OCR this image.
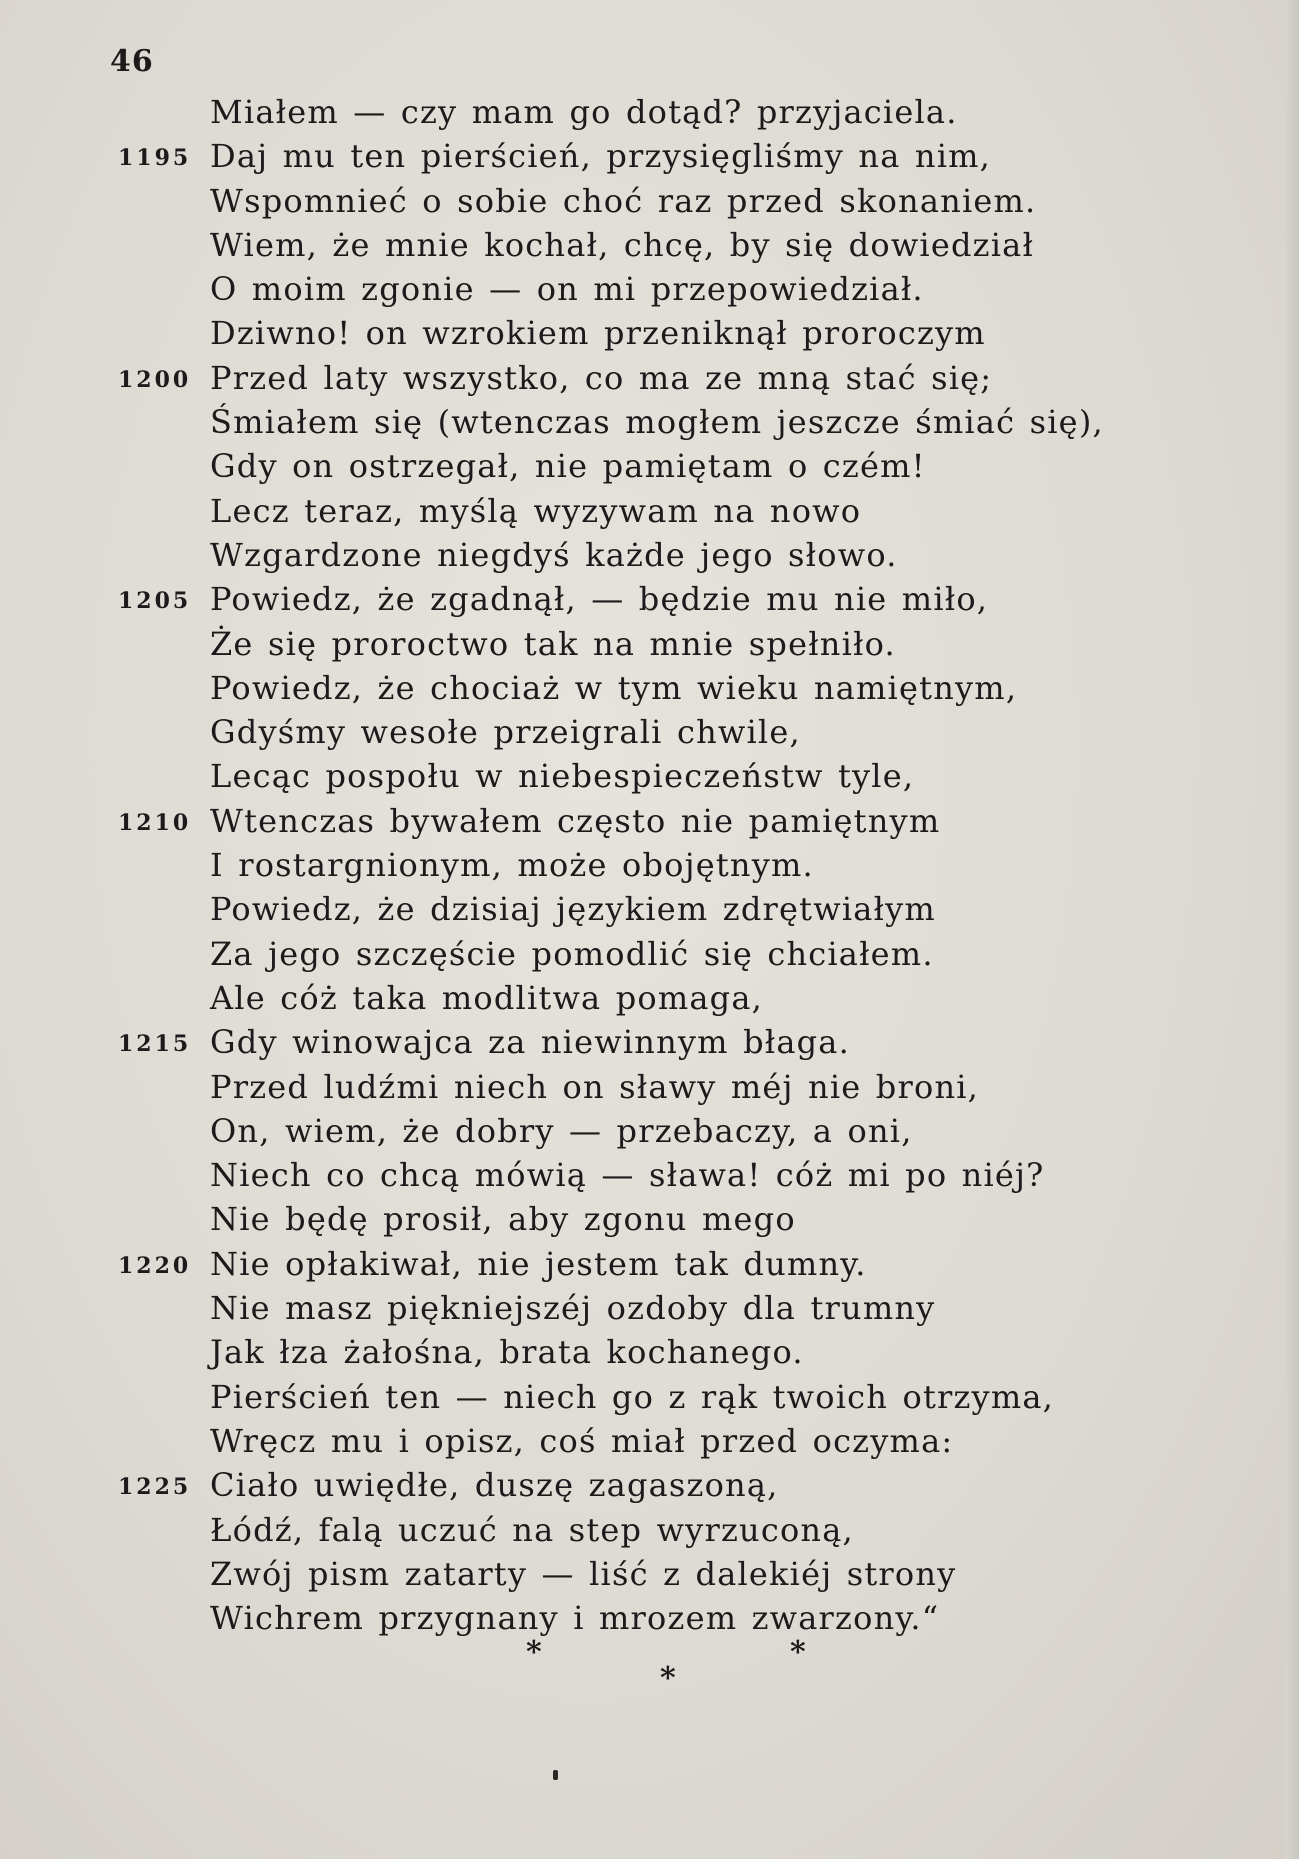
46
Miałem — czy mam go dotąd? przyjaciela.
1195 Daj mu ten pierścień, przysięgliśmy na nim,
Wspomnieć o sobie choć raz przed skonaniem.
Wiem, że mnie kochał, chcę, by się dowiedział
O moim zgonie — on mi przepowiedział.
Dziwno! on wzrokiem przeniknął proroczym
1200 Przed laty wszystko, co ma ze mną stać się;
Śmiałem się (wtenczas mogłem jeszcze śmiać się),
Gdy on ostrzegał, nie pamiętam o czém!
Lecz teraz, myślą wyzywam na nowo
Wzgardzone niegdyś każde jego słowo.
1205 Powiedz, że zgadnął, — będzie mu nie miło,
Że się proroctwo tak na mnie spełniło.
Powiedz, że chociaż w tym wieku namiętnym,
Gdyśmy wesołe przeigrali chwile,
Lecąc pospołu w niebespieczeństw tyle,
1210 Wtenczas bywałem często nie pamiętnym
I rostargnionym, może obojętnym.
Powiedz, że dzisiaj językiem zdrętwiałym
Za jego szczęście pomodlić się chciałem.
Ale cóż taka modlitwa pomaga,
1215 Gdy winowajca za niewinnym błaga.
Przed ludźmi niech on sławy méj nie broni,
On, wiem, że dobry — przebaczy, a oni,
Niech co chcą mówią — sława! cóż mi po niéj?
Nie będę prosił, aby zgonu mego
1220 Nie opłakiwał, nie jestem tak dumny.
Nie masz piękniejszéj ozdoby dla trumny
Jak łza żałośna, brata kochanego.
Pierścień ten — niech go z rąk twoich otrzyma,
Wręcz mu i opisz, coś miał przed oczyma:
1225 Ciało uwiędłe, duszę zagaszoną,
Łódź, falą uczuć na step wyrzuconą,
Zwój pism zatarty — liść z dalekiéj strony
Wichrem przygnany i mrozem zwarzony.“
*
*
*
